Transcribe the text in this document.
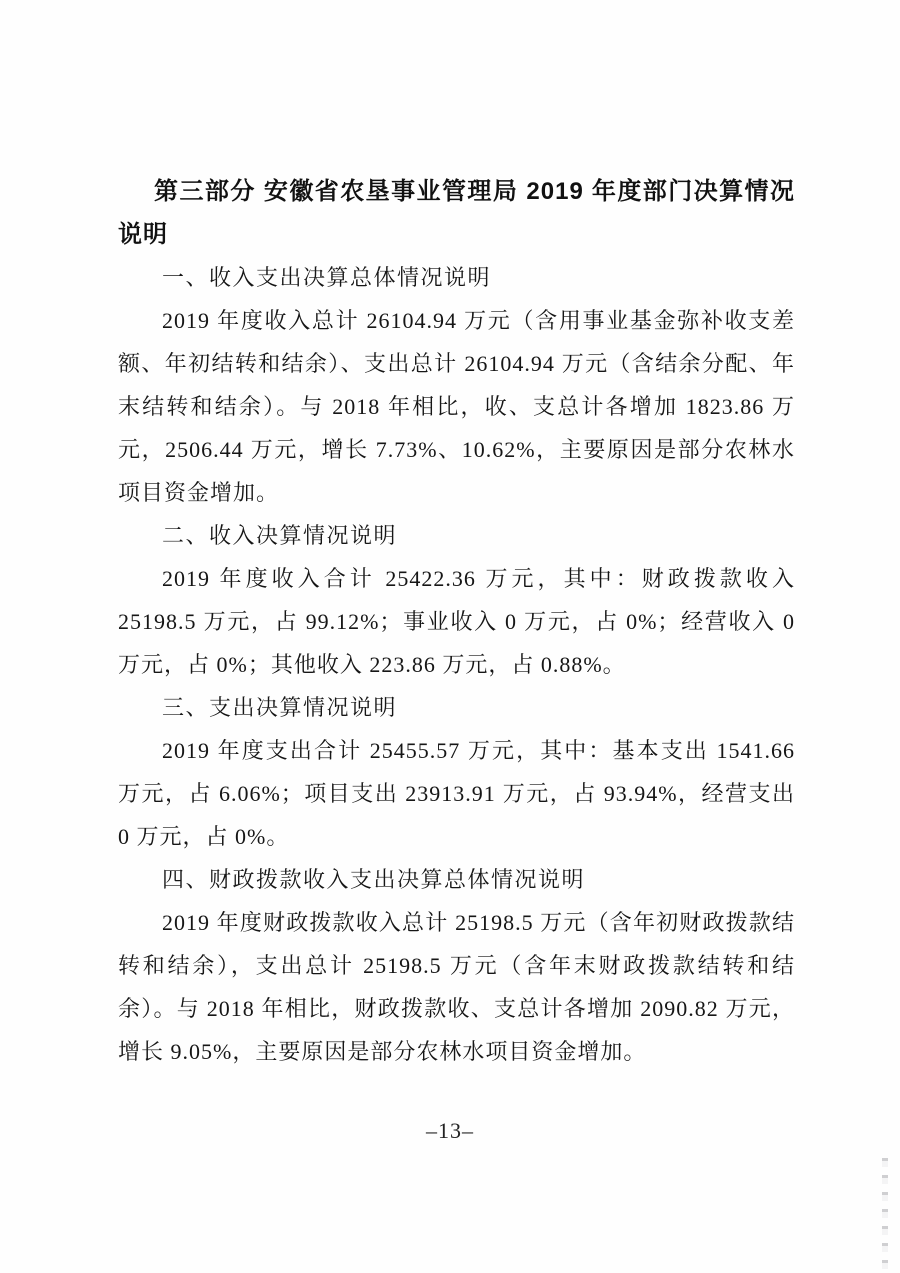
第三部分 安徽省农垦事业管理局 2019 年度部门决算情况说明
一、收入支出决算总体情况说明

2019 年度收入总计 26104.94 万元（含用事业基金弥补收支差额、年初结转和结余）、支出总计 26104.94 万元（含结余分配、年末结转和结余）。与 2018 年相比，收、支总计各增加 1823.86 万元，2506.44 万元，增长 7.73%、10.62%，主要原因是部分农林水项目资金增加。

二、收入决算情况说明

2019 年度收入合计 25422.36 万元，其中：财政拨款收入 25198.5 万元，占 99.12%；事业收入 0 万元，占 0%；经营收入 0 万元，占 0%；其他收入 223.86 万元，占 0.88%。

三、支出决算情况说明

2019 年度支出合计 25455.57 万元，其中：基本支出 1541.66 万元，占 6.06%；项目支出 23913.91 万元，占 93.94%，经营支出 0 万元，占 0%。

四、财政拨款收入支出决算总体情况说明

2019 年度财政拨款收入总计 25198.5 万元（含年初财政拨款结转和结余），支出总计 25198.5 万元（含年末财政拨款结转和结余）。与 2018 年相比，财政拨款收、支总计各增加 2090.82 万元，增长 9.05%，主要原因是部分农林水项目资金增加。

–13–
